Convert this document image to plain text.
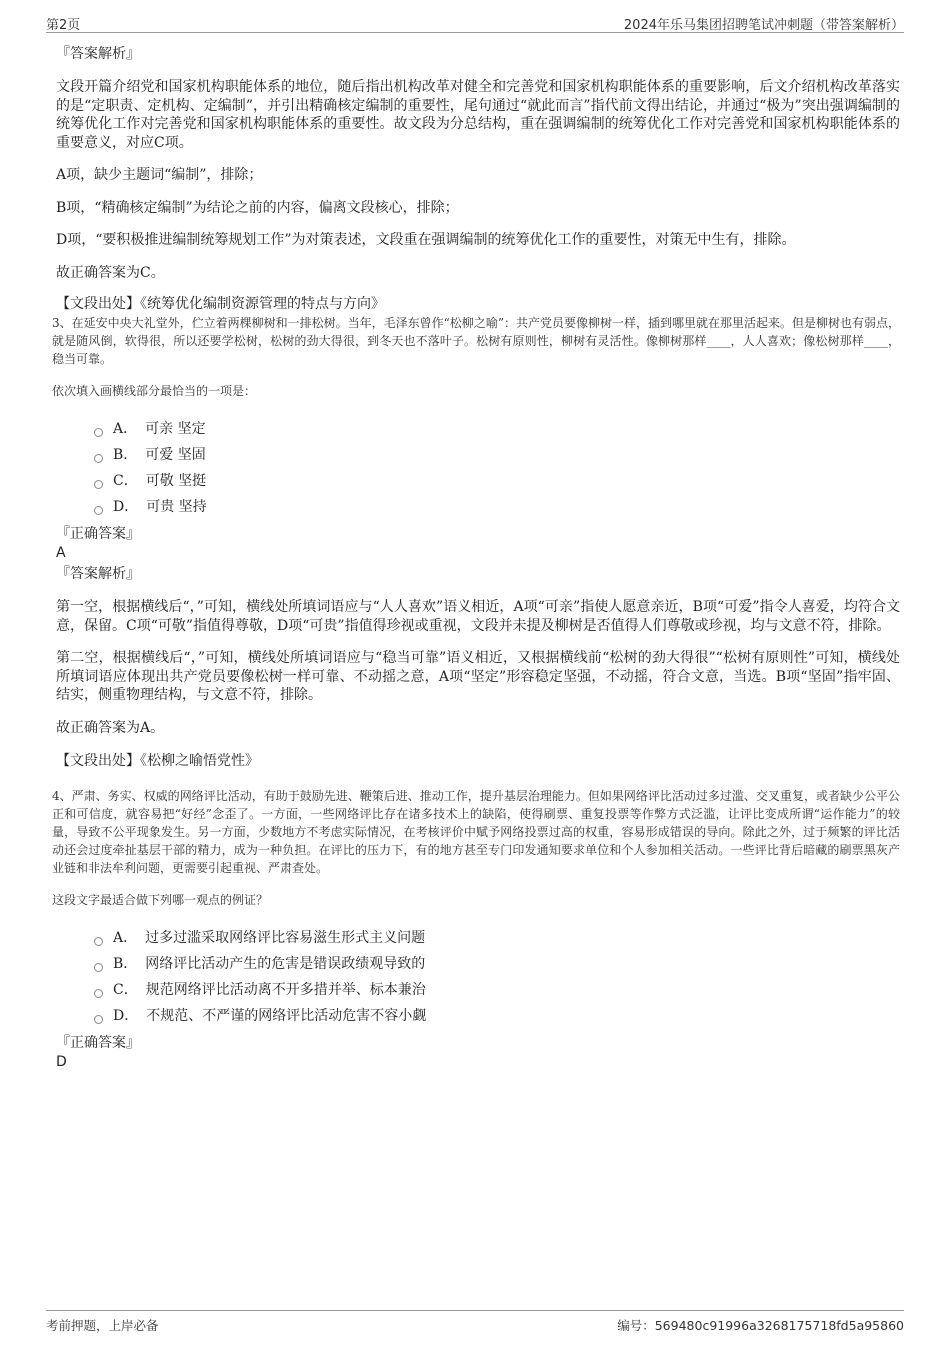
第2页	2024年乐马集团招聘笔试冲刺题（带答案解析）

『答案解析』

文段开篇介绍党和国家机构职能体系的地位，随后指出机构改革对健全和完善党和国家机构职能体系的重要影响，后文介绍机构改革落实的是“定职责、定机构、定编制”，并引出精确核定编制的重要性，尾句通过“就此而言”指代前文得出结论，并通过“极为”突出强调编制的统筹优化工作对完善党和国家机构职能体系的重要性。故文段为分总结构，重在强调编制的统筹优化工作对完善党和国家机构职能体系的重要意义，对应C项。

A项，缺少主题词“编制”，排除；

B项，“精确核定编制”为结论之前的内容，偏离文段核心，排除；

D项，“要积极推进编制统筹规划工作”为对策表述，文段重在强调编制的统筹优化工作的重要性，对策无中生有，排除。

故正确答案为C。

【文段出处】《统筹优化编制资源管理的特点与方向》

3、在延安中央大礼堂外，伫立着两棵柳树和一排松树。当年，毛泽东曾作“松柳之喻”：共产党员要像柳树一样，插到哪里就在那里活起来。但是柳树也有弱点，就是随风倒，软得很，所以还要学松树，松树的劲大得很，到冬天也不落叶子。松树有原则性，柳树有灵活性。像柳树那样____，人人喜欢；像松树那样____，稳当可靠。

依次填入画横线部分最恰当的一项是：

A． 可亲 坚定
B． 可爱 坚固
C． 可敬 坚挺
D． 可贵 坚持

『正确答案』

A

『答案解析』

第一空，根据横线后“，”可知，横线处所填词语应与“人人喜欢”语义相近，A项“可亲”指使人愿意亲近，B项“可爱”指令人喜爱，均符合文意，保留。C项“可敬”指值得尊敬，D项“可贵”指值得珍视或重视，文段并未提及柳树是否值得人们尊敬或珍视，均与文意不符，排除。

第二空，根据横线后“，”可知，横线处所填词语应与“稳当可靠”语义相近，又根据横线前“松树的劲大得很”“松树有原则性”可知，横线处所填词语应体现出共产党员要像松树一样可靠、不动摇之意，A项“坚定”形容稳定坚强，不动摇，符合文意，当选。B项“坚固”指牢固、结实，侧重物理结构，与文意不符，排除。

故正确答案为A。

【文段出处】《松柳之喻悟党性》

4、严肃、务实、权威的网络评比活动，有助于鼓励先进、鞭策后进、推动工作，提升基层治理能力。但如果网络评比活动过多过滥、交叉重复，或者缺少公平公正和可信度，就容易把“好经”念歪了。一方面，一些网络评比存在诸多技术上的缺陷，使得刷票、重复投票等作弊方式泛滥，让评比变成所谓“运作能力”的较量，导致不公平现象发生。另一方面，少数地方不考虑实际情况，在考核评价中赋予网络投票过高的权重，容易形成错误的导向。除此之外，过于频繁的评比活动还会过度牵扯基层干部的精力，成为一种负担。在评比的压力下，有的地方甚至专门印发通知要求单位和个人参加相关活动。一些评比背后暗藏的刷票黑灰产业链和非法牟利问题，更需要引起重视、严肃查处。

这段文字最适合做下列哪一观点的例证？

A． 过多过滥采取网络评比容易滋生形式主义问题
B． 网络评比活动产生的危害是错误政绩观导致的
C． 规范网络评比活动离不开多措并举、标本兼治
D． 不规范、不严谨的网络评比活动危害不容小觑

『正确答案』

D

考前押题，上岸必备	编号：569480c91996a3268175718fd5a95860
